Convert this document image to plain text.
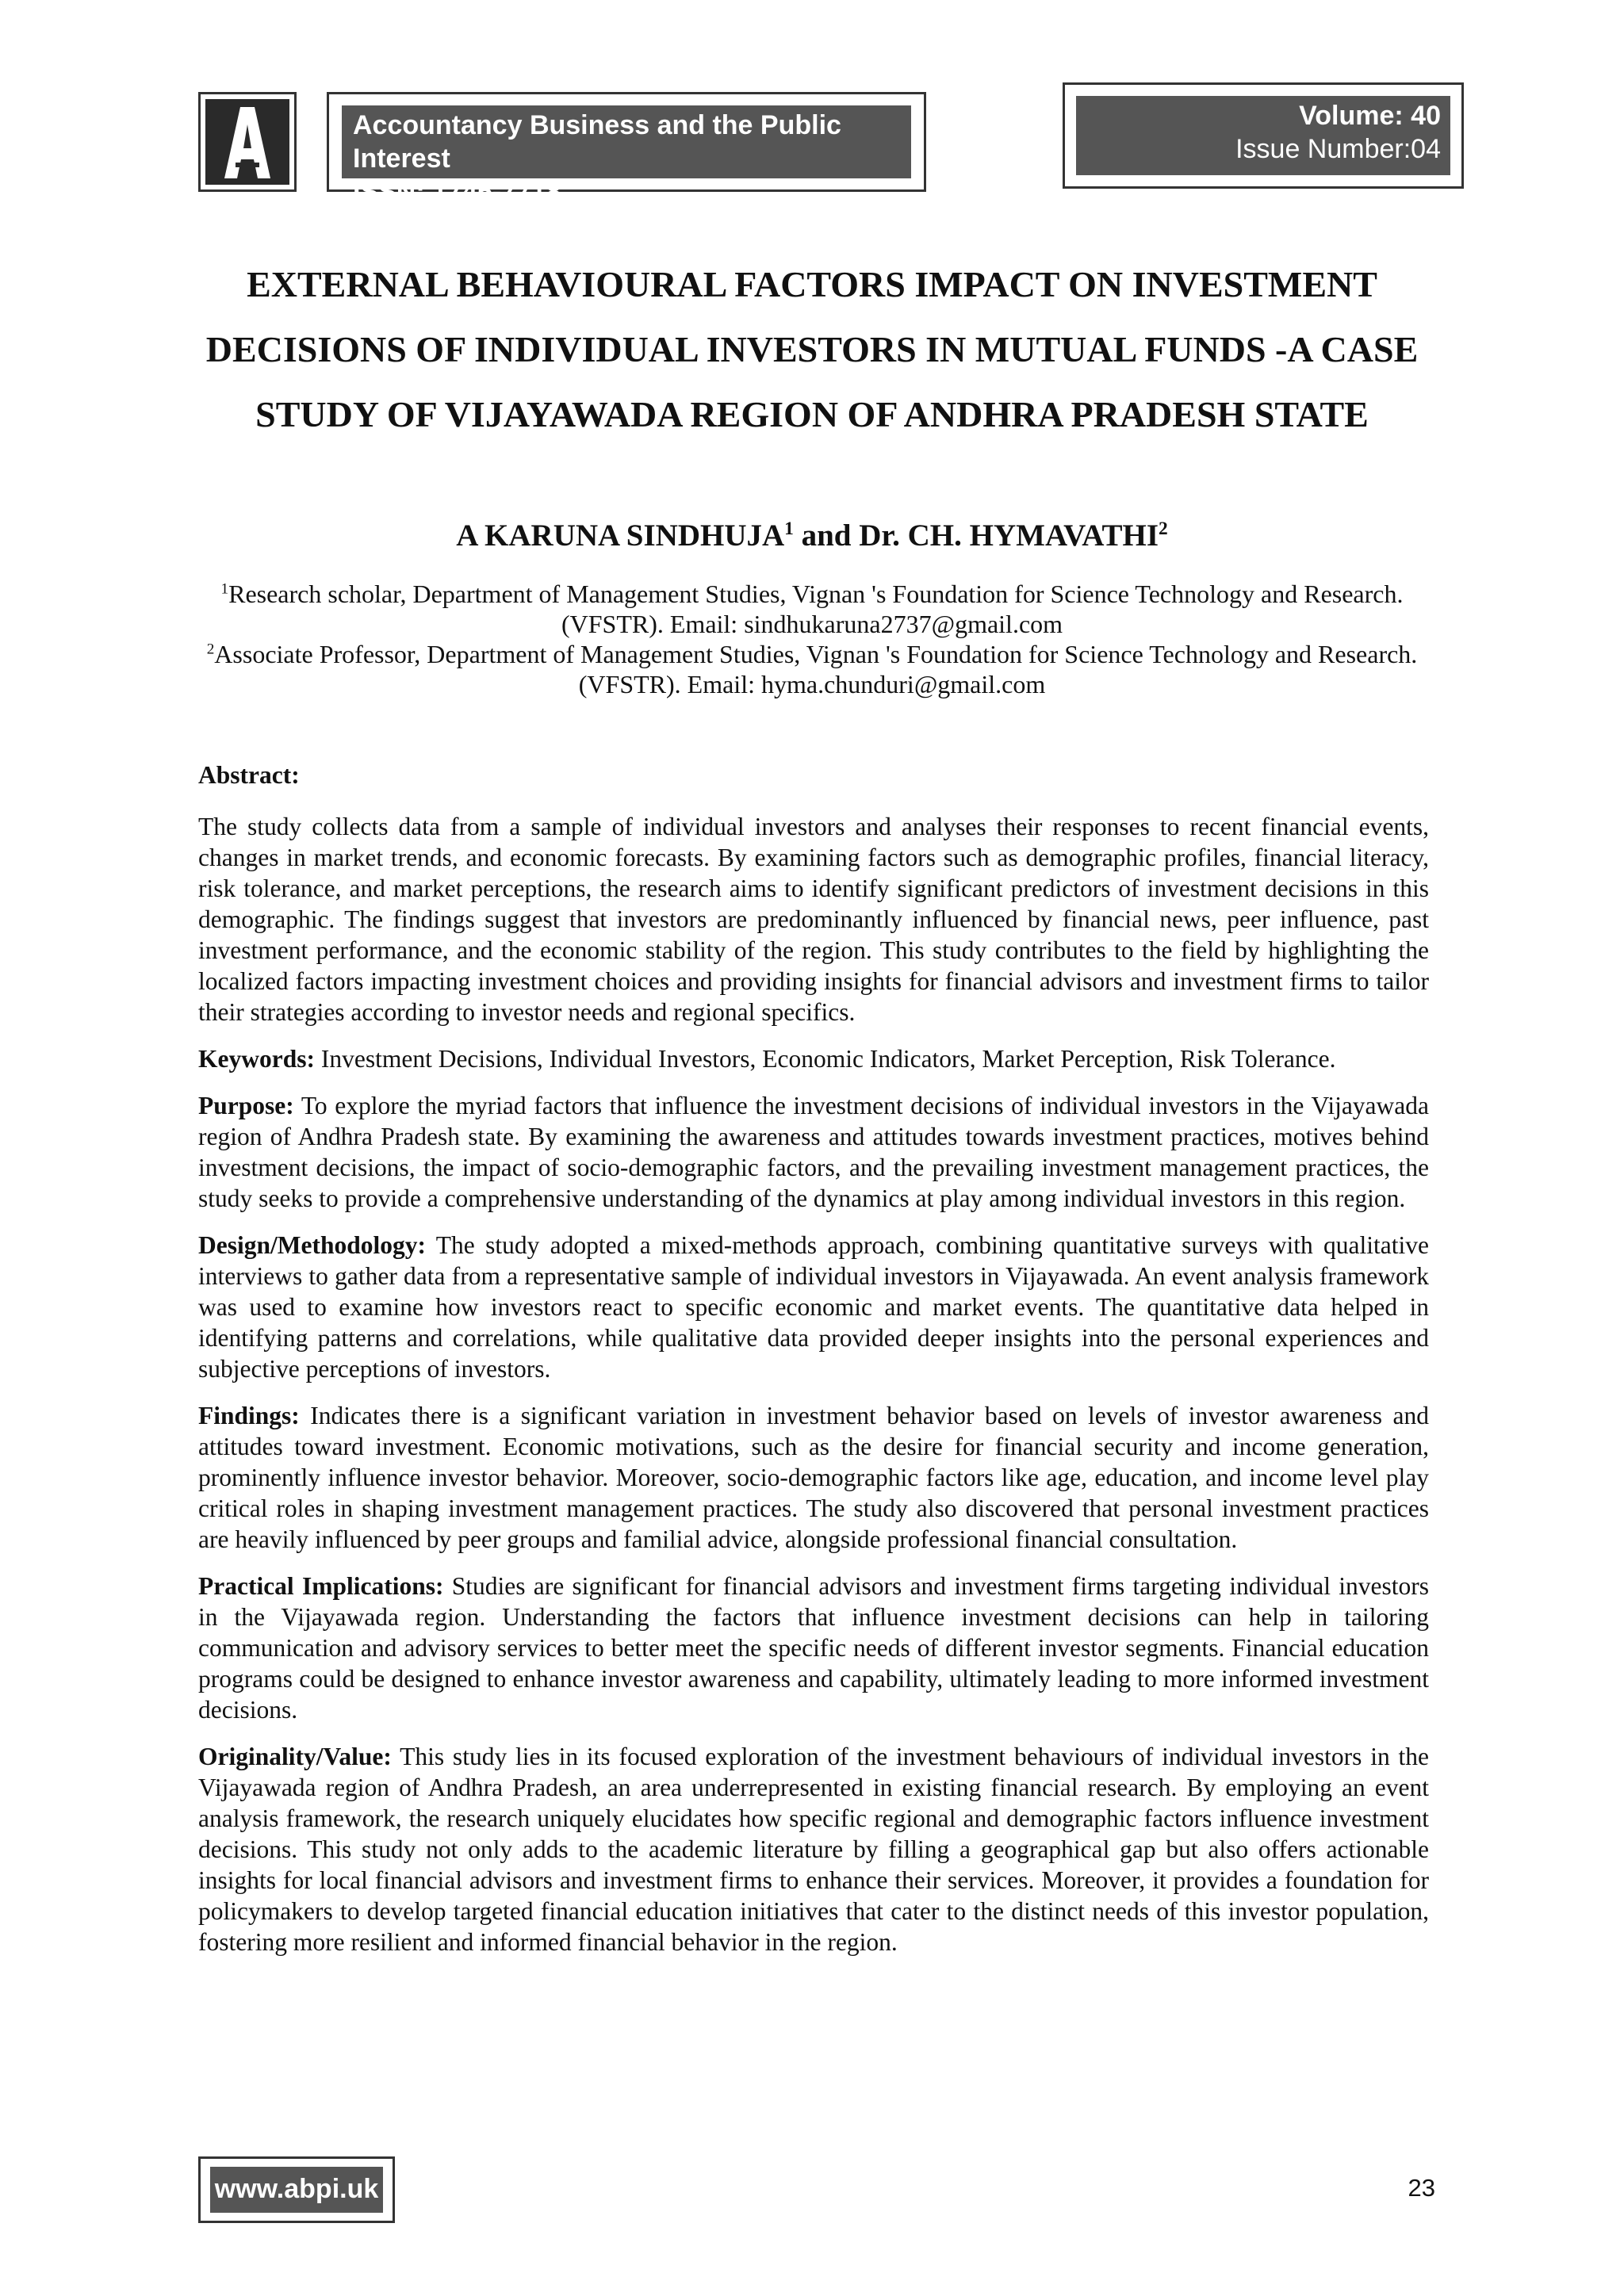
Accountancy Business and the Public Interest
ISSN: 1745-7718
Volume: 40
Issue Number:04
EXTERNAL BEHAVIOURAL FACTORS IMPACT ON INVESTMENT DECISIONS OF INDIVIDUAL INVESTORS IN MUTUAL FUNDS -A CASE STUDY OF VIJAYAWADA REGION OF ANDHRA PRADESH STATE

A KARUNA SINDHUJA$^1$ and Dr. CH. HYMAVATHI$^2$

$^1$Research scholar, Department of Management Studies, Vignan 's Foundation for Science Technology and Research. (VFSTR). Email: sindhukaruna2737@gmail.com

$^2$Associate Professor, Department of Management Studies, Vignan 's Foundation for Science Technology and Research. (VFSTR). Email: hyma.chunduri@gmail.com

Abstract:

The study collects data from a sample of individual investors and analyses their responses to recent financial events, changes in market trends, and economic forecasts. By examining factors such as demographic profiles, financial literacy, risk tolerance, and market perceptions, the research aims to identify significant predictors of investment decisions in this demographic. The findings suggest that investors are predominantly influenced by financial news, peer influence, past investment performance, and the economic stability of the region. This study contributes to the field by highlighting the localized factors impacting investment choices and providing insights for financial advisors and investment firms to tailor their strategies according to investor needs and regional specifics.

Keywords: Investment Decisions, Individual Investors, Economic Indicators, Market Perception, Risk Tolerance.

Purpose: To explore the myriad factors that influence the investment decisions of individual investors in the Vijayawada region of Andhra Pradesh state. By examining the awareness and attitudes towards investment practices, motives behind investment decisions, the impact of socio-demographic factors, and the prevailing investment management practices, the study seeks to provide a comprehensive understanding of the dynamics at play among individual investors in this region.

Design/Methodology: The study adopted a mixed-methods approach, combining quantitative surveys with qualitative interviews to gather data from a representative sample of individual investors in Vijayawada. An event analysis framework was used to examine how investors react to specific economic and market events. The quantitative data helped in identifying patterns and correlations, while qualitative data provided deeper insights into the personal experiences and subjective perceptions of investors.

Findings: Indicates there is a significant variation in investment behavior based on levels of investor awareness and attitudes toward investment. Economic motivations, such as the desire for financial security and income generation, prominently influence investor behavior. Moreover, socio-demographic factors like age, education, and income level play critical roles in shaping investment management practices. The study also discovered that personal investment practices are heavily influenced by peer groups and familial advice, alongside professional financial consultation.

Practical Implications: Studies are significant for financial advisors and investment firms targeting individual investors in the Vijayawada region. Understanding the factors that influence investment decisions can help in tailoring communication and advisory services to better meet the specific needs of different investor segments. Financial education programs could be designed to enhance investor awareness and capability, ultimately leading to more informed investment decisions.

Originality/Value: This study lies in its focused exploration of the investment behaviours of individual investors in the Vijayawada region of Andhra Pradesh, an area underrepresented in existing financial research. By employing an event analysis framework, the research uniquely elucidates how specific regional and demographic factors influence investment decisions. This study not only adds to the academic literature by filling a geographical gap but also offers actionable insights for local financial advisors and investment firms to enhance their services. Moreover, it provides a foundation for policymakers to develop targeted financial education initiatives that cater to the distinct needs of this investor population, fostering more resilient and informed financial behavior in the region.

www.abpi.uk	23
